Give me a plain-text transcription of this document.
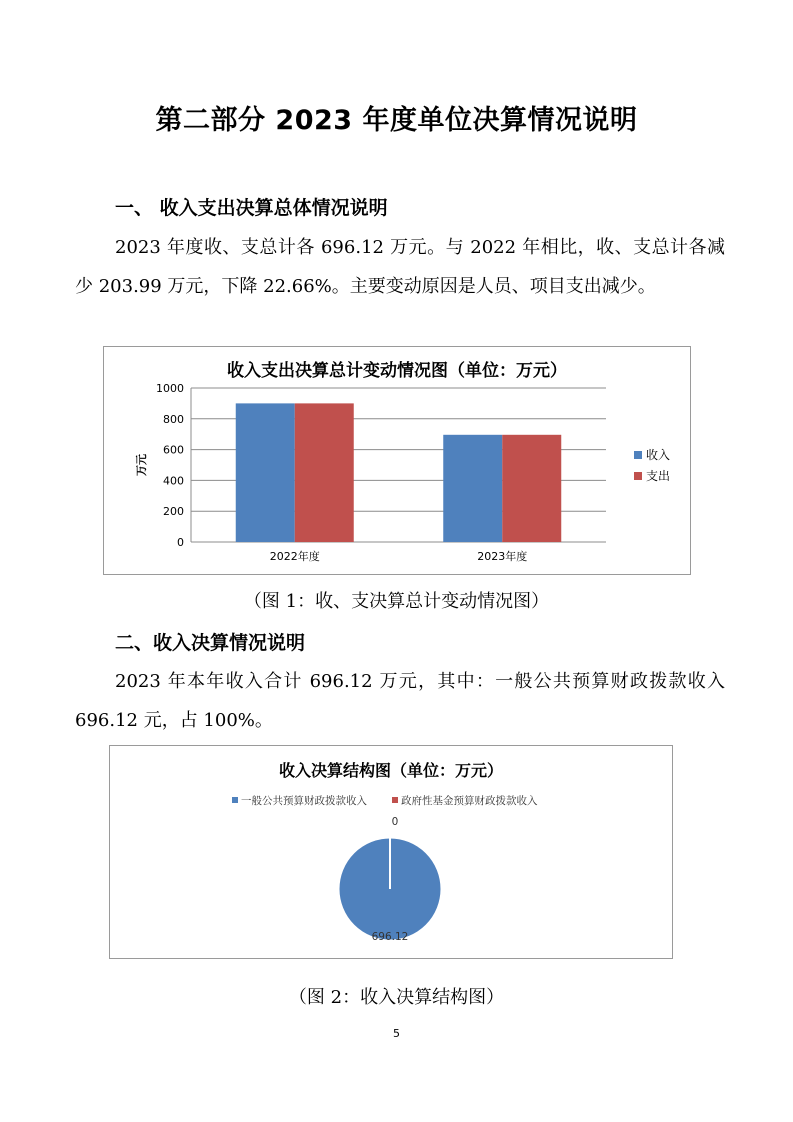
第二部分 2023 年度单位决算情况说明
一、 收入支出决算总体情况说明
2023 年度收、支总计各 696.12 万元。与 2022 年相比，收、支总计各减少 203.99 万元，下降 22.66%。主要变动原因是人员、项目支出减少。
收入支出决算总计变动情况图（单位：万元）
0
200
400
600
800
1000
万元
2022年度	2023年度
收入
支出
（图 1：收、支决算总计变动情况图）
二、收入决算情况说明
2023 年本年收入合计 696.12 万元，其中：一般公共预算财政拨款收入 696.12 元，占 100%。
收入决算结构图（单位：万元）
一般公共预算财政拨款收入	政府性基金预算财政拨款收入
696.12
0
（图 2：收入决算结构图）
5
